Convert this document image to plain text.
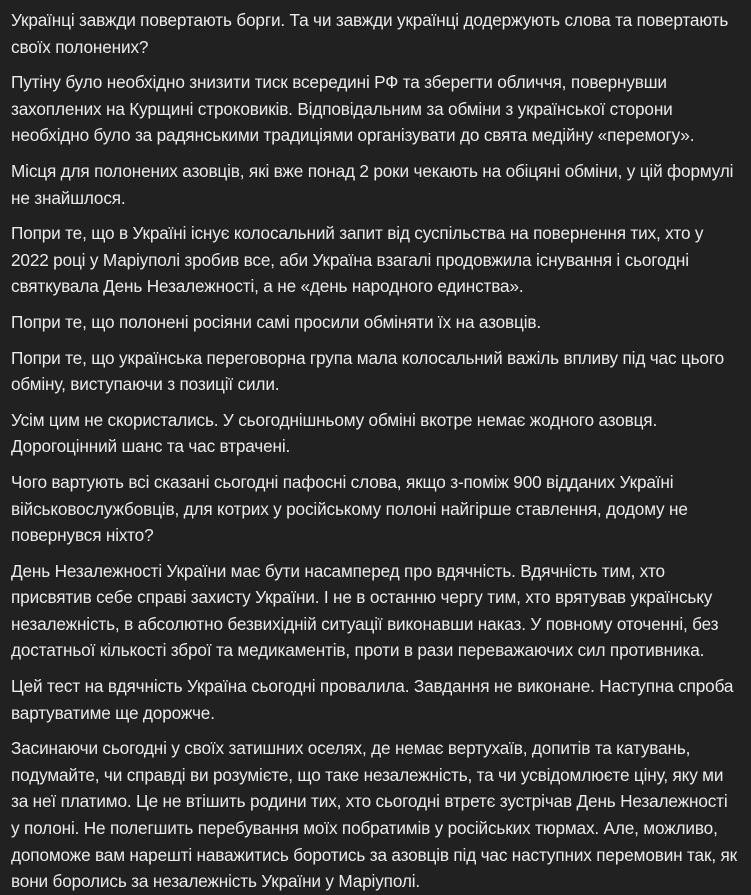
Українці завжди повертають борги. Та чи завжди українці додержують слова та повертають своїх полонених?

Путіну було необхідно знизити тиск всередині РФ та зберегти обличчя, повернувши захоплених на Курщині строковиків. Відповідальним за обміни з української сторони необхідно було за радянськими традиціями організувати до свята медійну «перемогу».

Місця для полонених азовців, які вже понад 2 роки чекають на обіцяні обміни, у цій формулі не знайшлося.

Попри те, що в Україні існує колосальний запит від суспільства на повернення тих, хто у 2022 році у Маріуполі зробив все, аби Україна взагалі продовжила існування і сьогодні святкувала День Незалежності, а не «день народного единства».

Попри те, що полонені росіяни самі просили обміняти їх на азовців.

Попри те, що українська переговорна група мала колосальний важіль впливу під час цього обміну, виступаючи з позиції сили.

Усім цим не скористались. У сьогоднішньому обміні вкотре немає жодного азовця. Дорогоцінний шанс та час втрачені.

Чого вартують всі сказані сьогодні пафосні слова, якщо з-поміж 900 відданих Україні військовослужбовців, для котрих у російському полоні найгірше ставлення, додому не повернувся ніхто?

День Незалежності України має бути насамперед про вдячність. Вдячність тим, хто присвятив себе справі захисту України. І не в останню чергу тим, хто врятував українську незалежність, в абсолютно безвихідній ситуації виконавши наказ. У повному оточенні, без достатньої кількості зброї та медикаментів, проти в рази переважаючих сил противника.

Цей тест на вдячність Україна сьогодні провалила. Завдання не виконане. Наступна спроба вартуватиме ще дорожче.

Засинаючи сьогодні у своїх затишних оселях, де немає вертухаїв, допитів та катувань, подумайте, чи справді ви розумієте, що таке незалежність, та чи усвідомлюєте ціну, яку ми за неї платимо. Це не втішить родини тих, хто сьогодні втретє зустрічав День Незалежності у полоні. Не полегшить перебування моїх побратимів у російських тюрмах. Але, можливо, допоможе вам нарешті наважитись боротись за азовців під час наступних перемовин так, як вони боролись за незалежність України у Маріуполі.
